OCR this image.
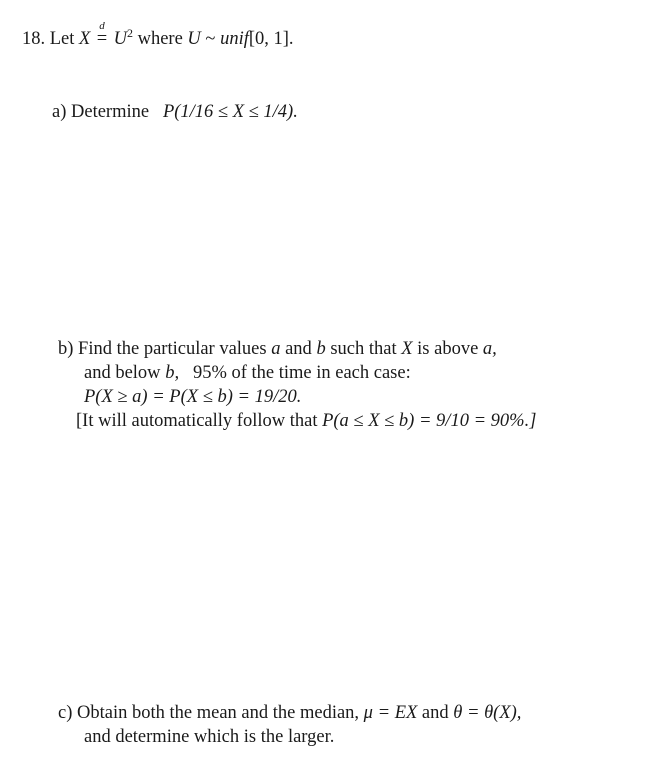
18. Let X
d
= $U^2$ where U ~ unif[0, 1].
a) Determine P(1/16 ≤ X ≤ 1/4).
b) Find the particular values a and b such that X is above a,
and below b, 95% of the time in each case:
P(X ≥ a) = P(X ≤ b) = 19/20.
[It will automatically follow that P(a ≤ X ≤ b) = 9/10 = 90%.]
c) Obtain both the mean and the median, μ = EX and θ = θ(X),
and determine which is the larger.
